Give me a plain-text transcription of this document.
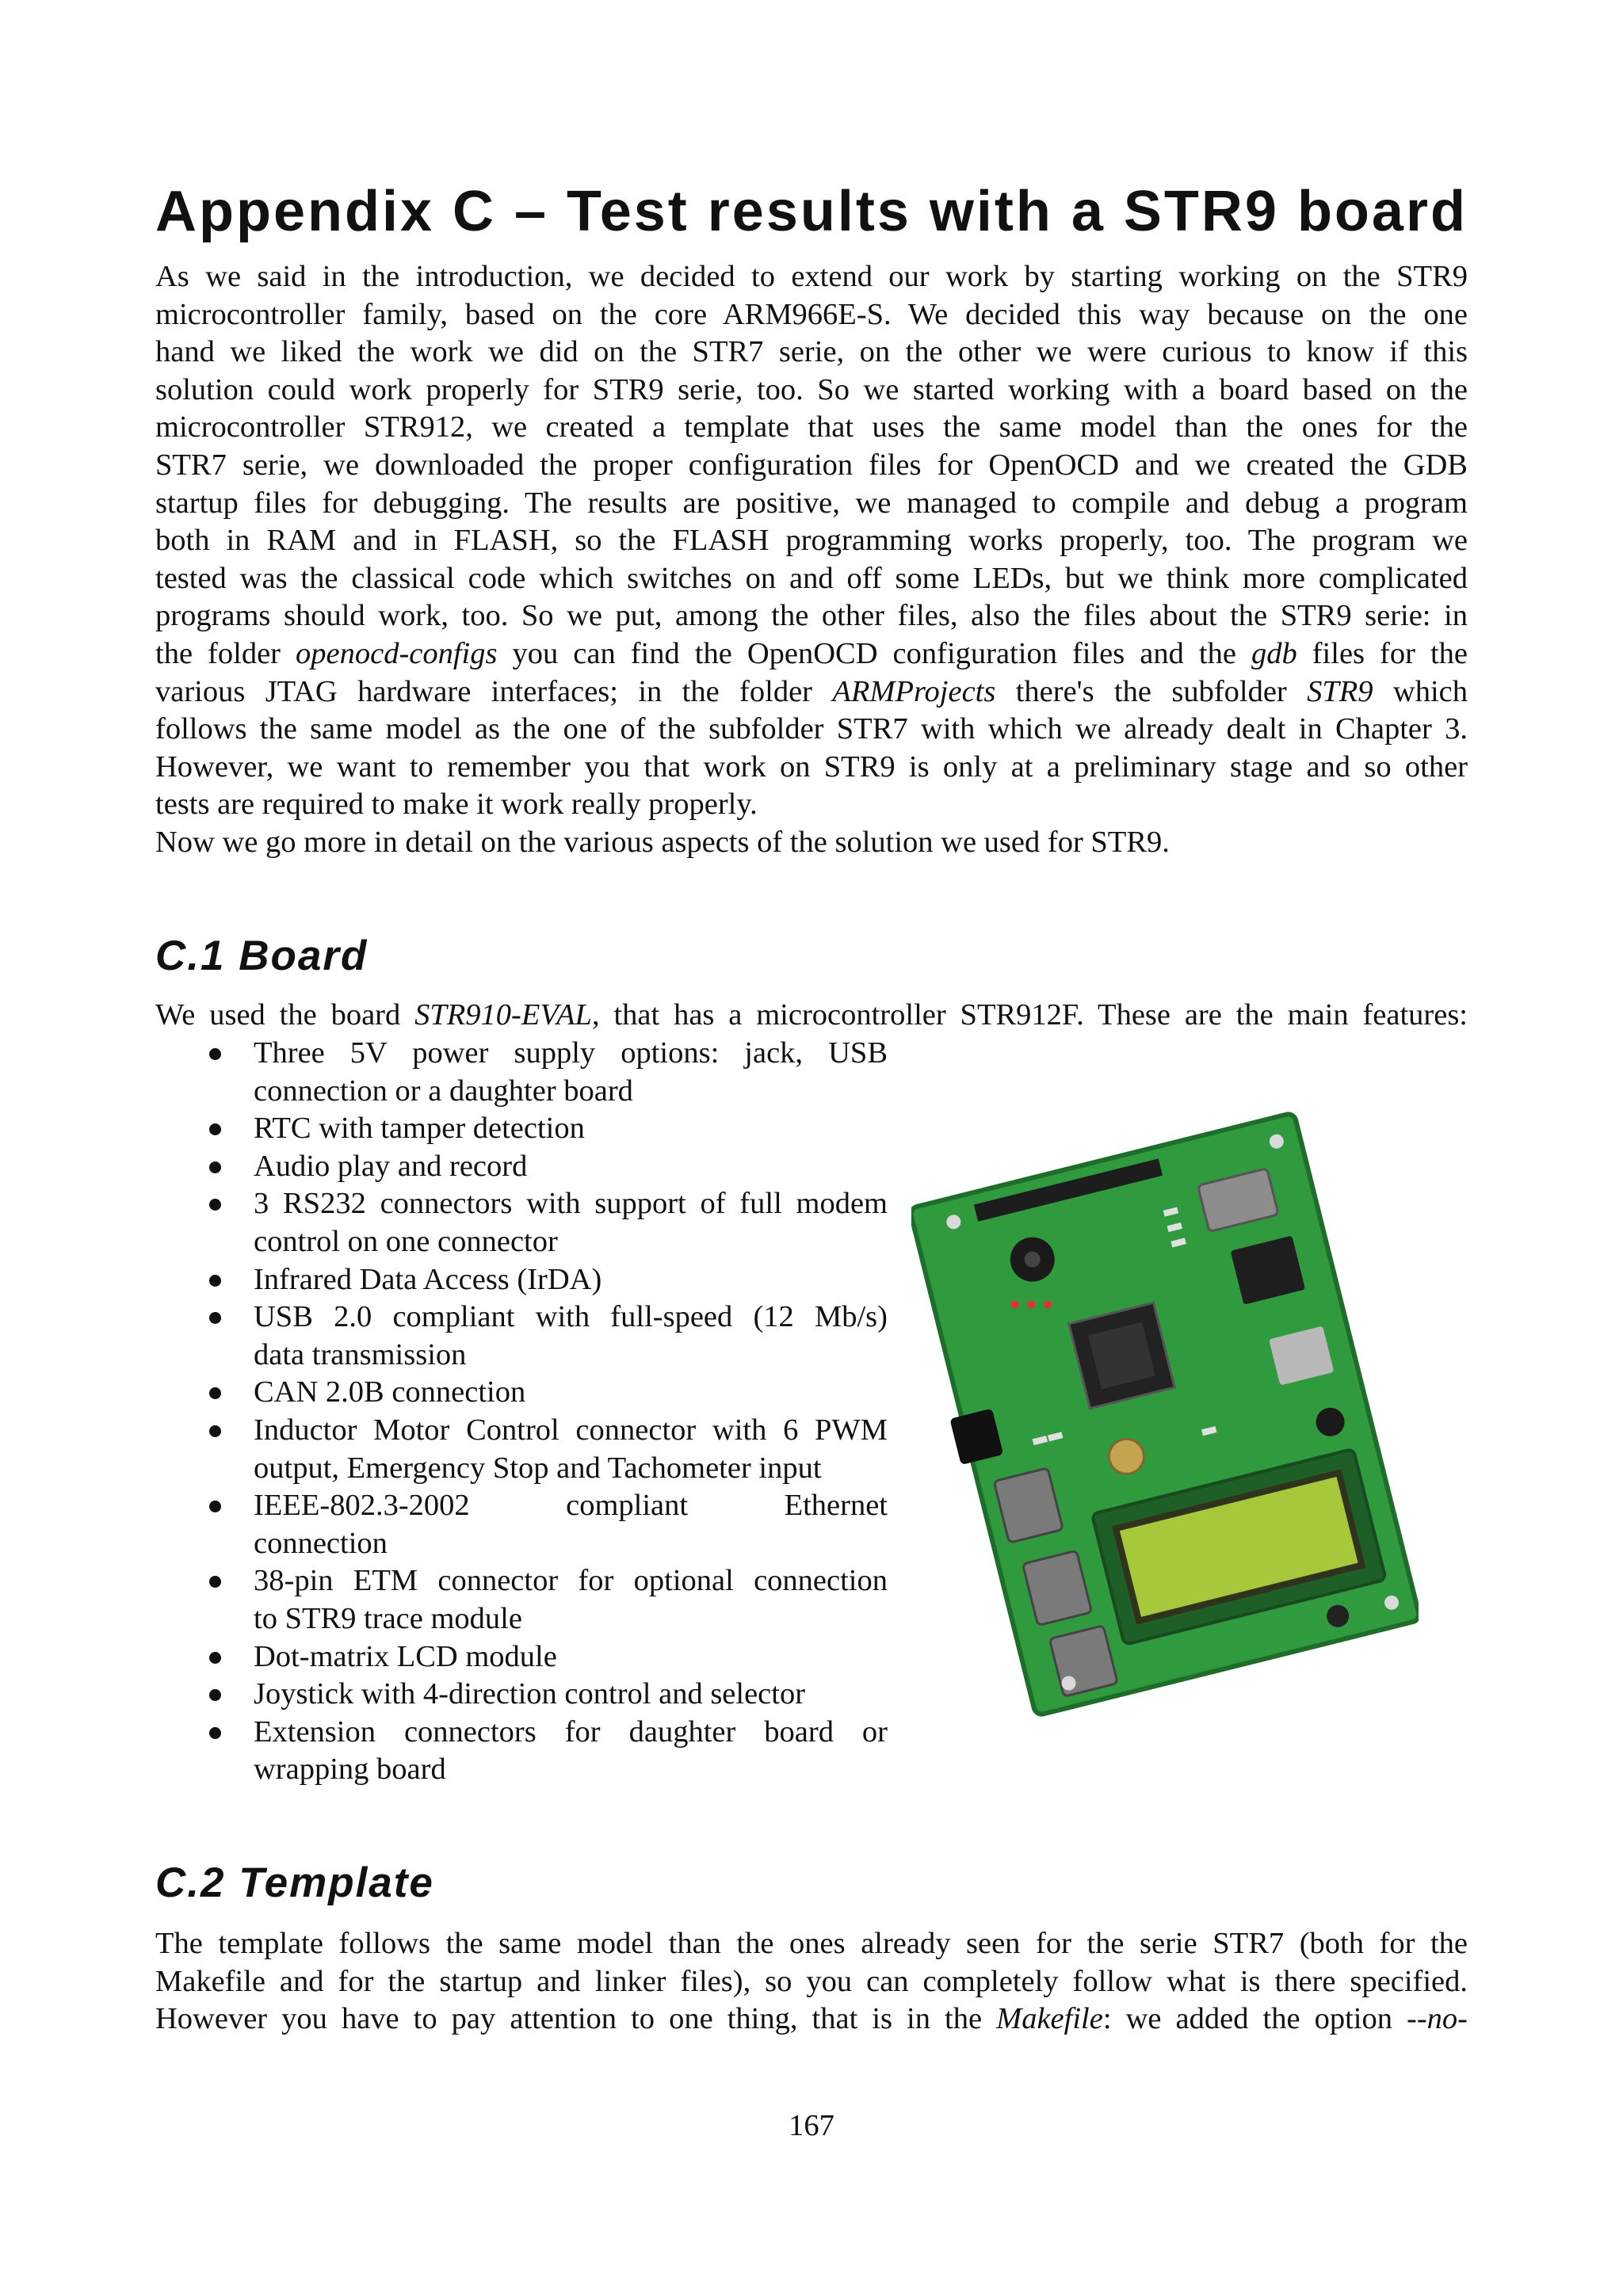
Appendix C – Test results with a STR9 board
As we said in the introduction, we decided to extend our work by starting working on the STR9
microcontroller family, based on the core ARM966E-S. We decided this way because on the one
hand we liked the work we did on the STR7 serie, on the other we were curious to know if this
solution could work properly for STR9 serie, too. So we started working with a board based on the
microcontroller STR912, we created a template that uses the same model than the ones for the
STR7 serie, we downloaded the proper configuration files for OpenOCD and we created the GDB
startup files for debugging. The results are positive, we managed to compile and debug a program
both in RAM and in FLASH, so the FLASH programming works properly, too. The program we
tested was the classical code which switches on and off some LEDs, but we think more complicated
programs should work, too. So we put, among the other files, also the files about the STR9 serie: in
the folder openocd-configs you can find the OpenOCD configuration files and the gdb files for the
various JTAG hardware interfaces; in the folder ARMProjects there's the subfolder STR9 which
follows the same model as the one of the subfolder STR7 with which we already dealt in Chapter 3.
However, we want to remember you that work on STR9 is only at a preliminary stage and so other
tests are required to make it work really properly.
Now we go more in detail on the various aspects of the solution we used for STR9.
C.1 Board
We used the board STR910-EVAL, that has a microcontroller STR912F. These are the main features:
Three 5V power supply options: jack, USB
connection or a daughter board
RTC with tamper detection
Audio play and record
3 RS232 connectors with support of full modem
control on one connector
Infrared Data Access (IrDA)
USB 2.0 compliant with full-speed (12 Mb/s)
data transmission
CAN 2.0B connection
Inductor Motor Control connector with 6 PWM
output, Emergency Stop and Tachometer input
IEEE-802.3-2002 compliant Ethernet
connection
38-pin ETM connector for optional connection
to STR9 trace module
Dot-matrix LCD module
Joystick with 4-direction control and selector
Extension connectors for daughter board or
wrapping board
C.2 Template
The template follows the same model than the ones already seen for the serie STR7 (both for the
Makefile and for the startup and linker files), so you can completely follow what is there specified.
However you have to pay attention to one thing, that is in the Makefile: we added the option --no-
167
